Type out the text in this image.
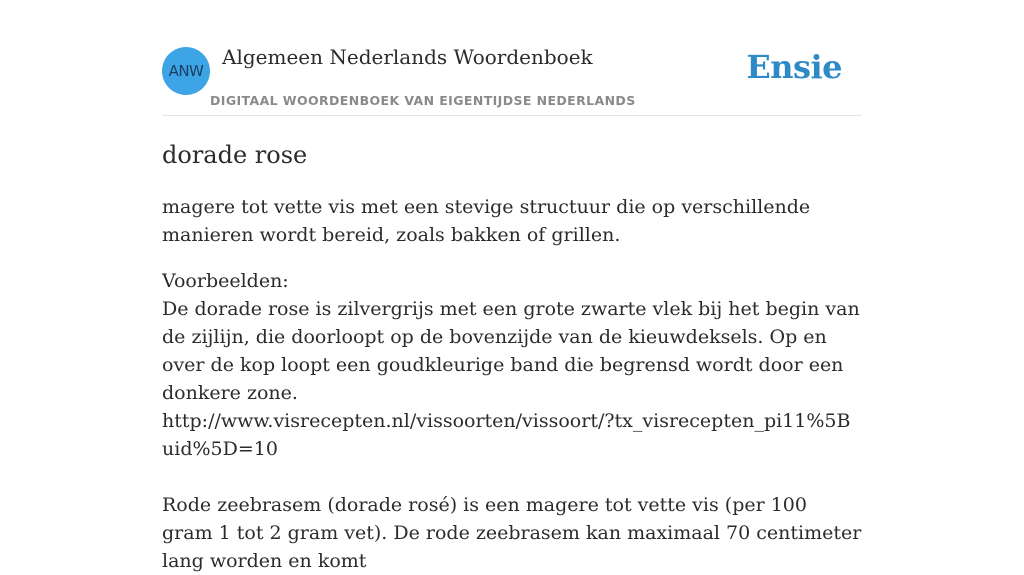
ANW
Algemeen Nederlands Woordenboek
DIGITAAL WOORDENBOEK VAN EIGENTIJDSE NEDERLANDS
Ensie
dorade rose

magere tot vette vis met een stevige structuur die op verschillende manieren wordt bereid, zoals bakken of grillen.

Voorbeelden:

De dorade rose is zilvergrijs met een grote zwarte vlek bij het begin van de zijlijn, die doorloopt op de bovenzijde van de kieuwdeksels. Op en over de kop loopt een goudkleurige band die begrensd wordt door een donkere zone.

http://www.visrecepten.nl/vissoorten/vissoort/?tx_visrecepten_pi11%5Buid%5D=10

Rode zeebrasem (dorade rosé) is een magere tot vette vis (per 100 gram 1 tot 2 gram vet). De rode zeebrasem kan maximaal 70 centimeter lang worden en komt
